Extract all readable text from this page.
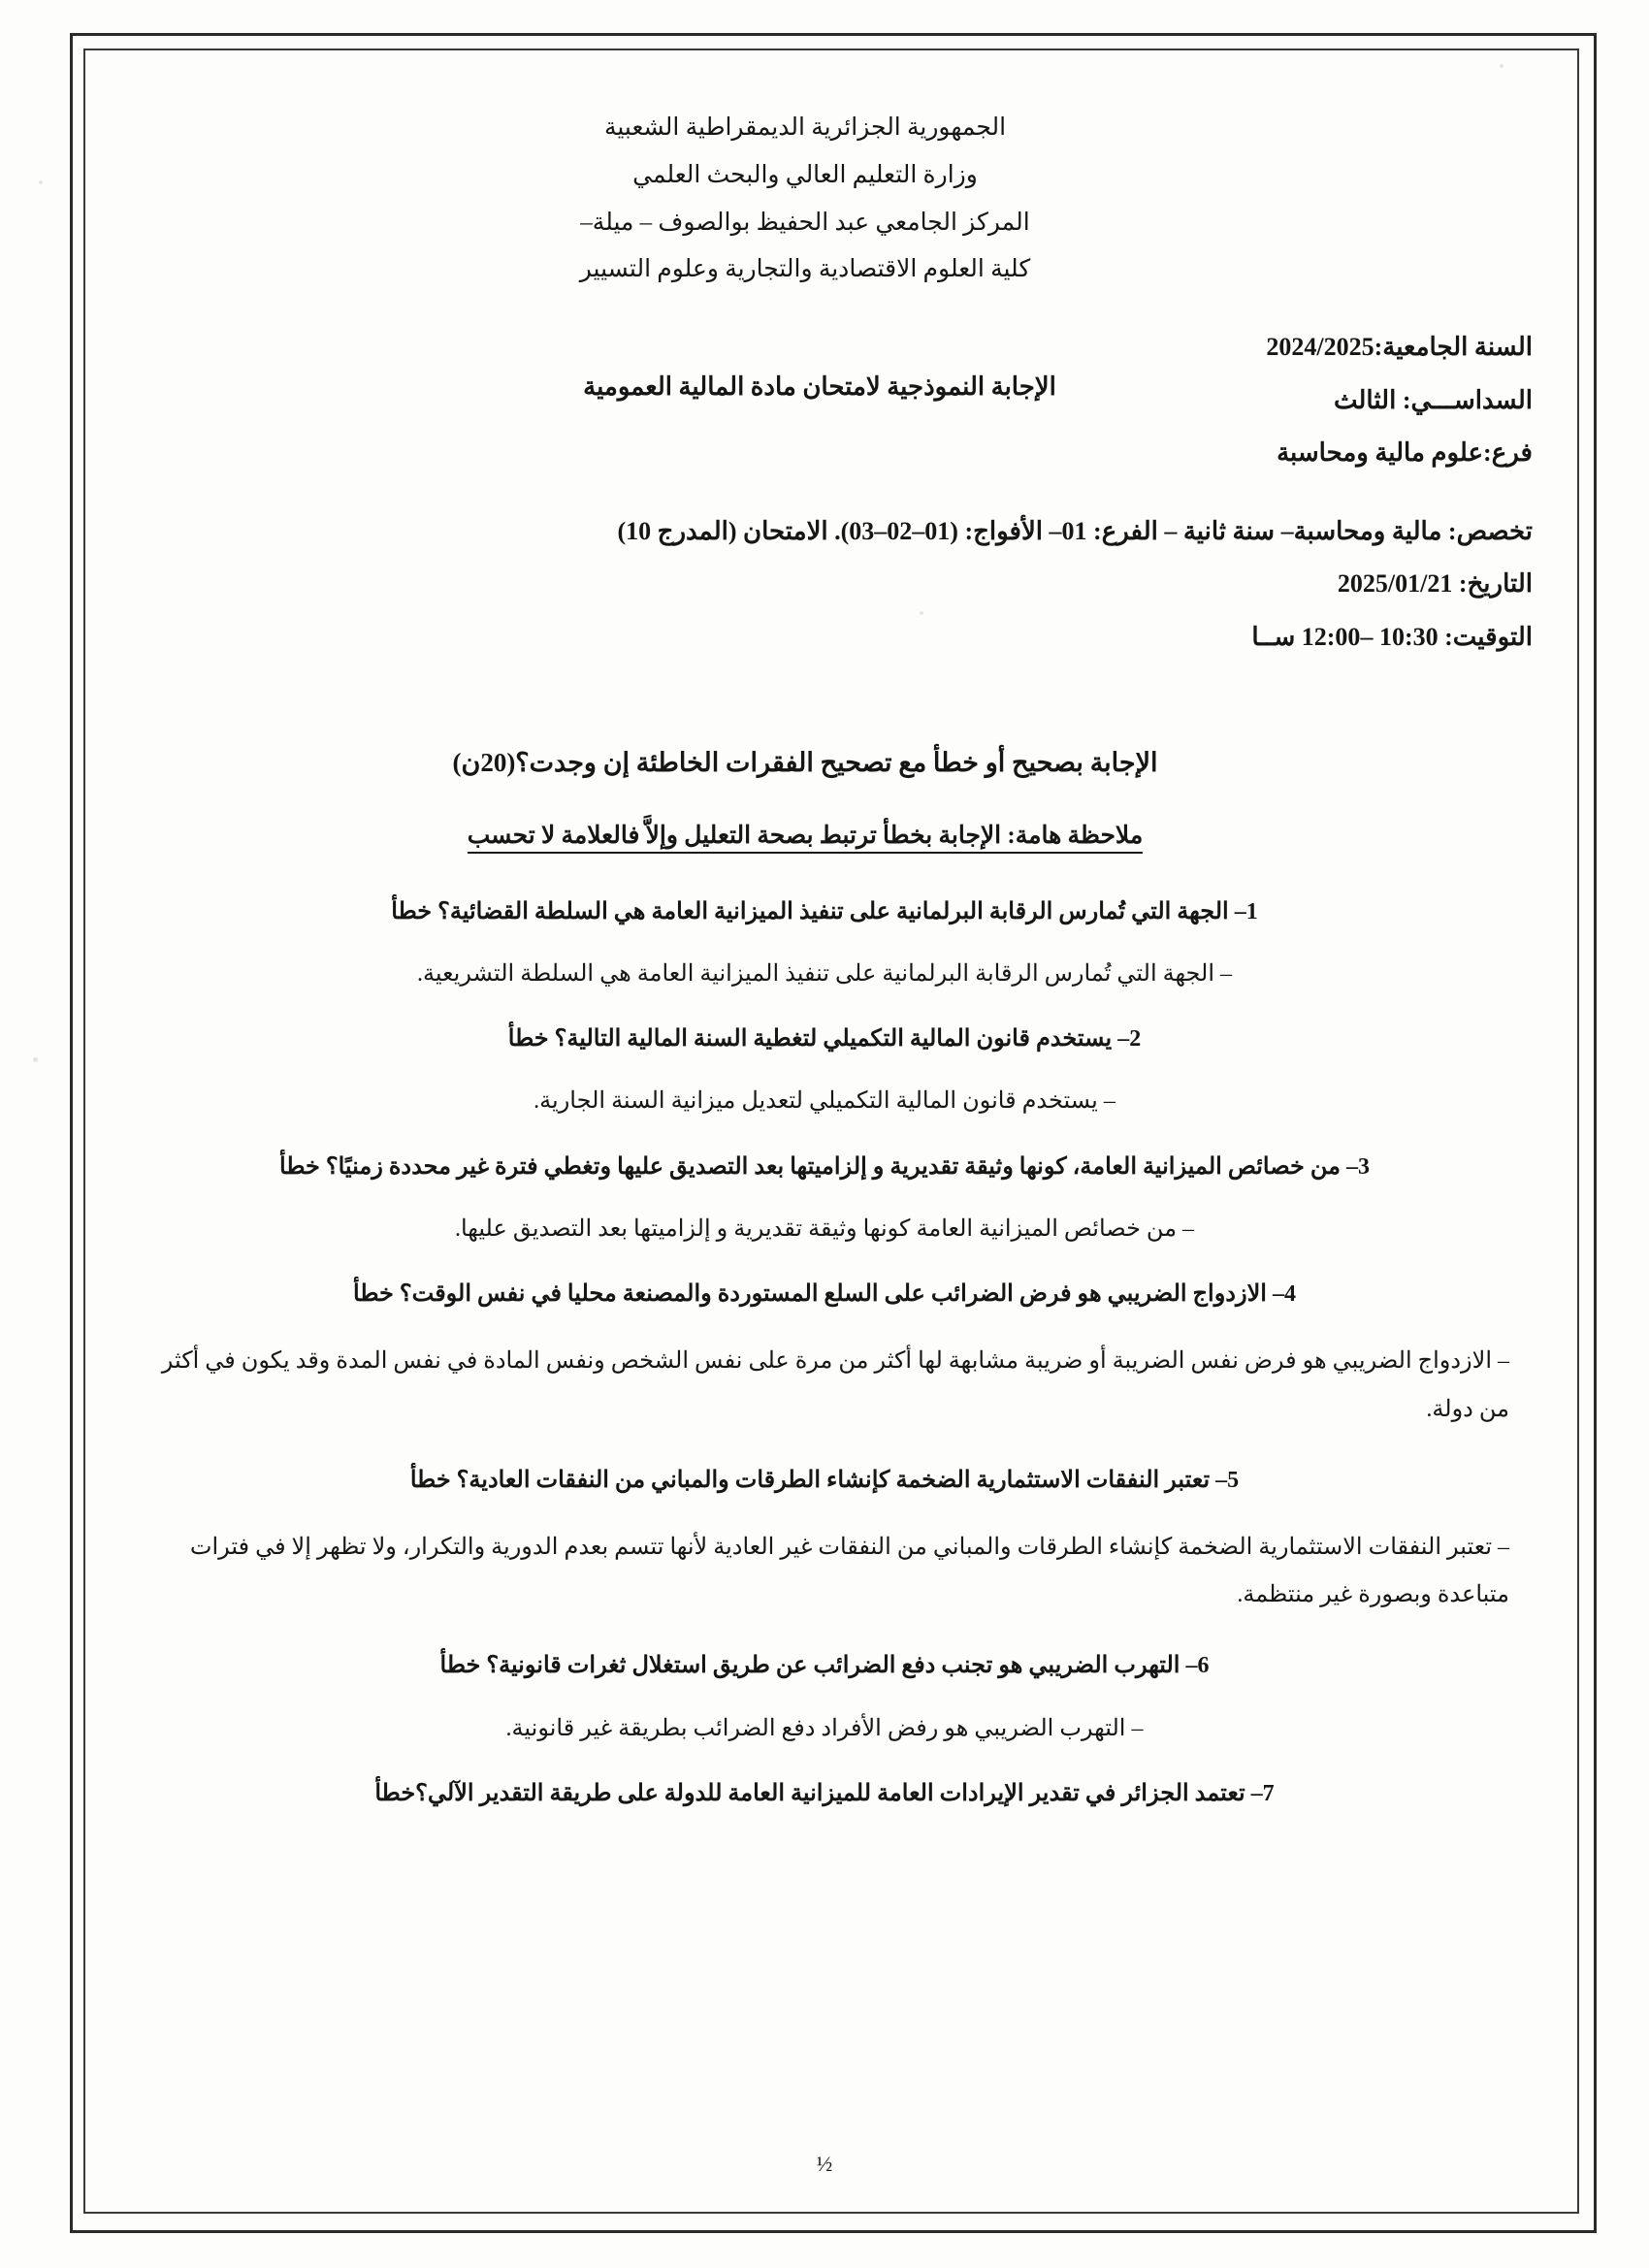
الجمهورية الجزائرية الديمقراطية الشعبية
وزارة التعليم العالي والبحث العلمي
المركز الجامعي عبد الحفيظ بوالصوف – ميلة–
كلية العلوم الاقتصادية والتجارية وعلوم التسيير
السنة الجامعية:2024/2025
السداســـي: الثالث
الإجابة النموذجية لامتحان مادة المالية العمومية
فرع:علوم مالية ومحاسبة
تخصص: مالية ومحاسبة– سنة ثانية – الفرع: 01– الأفواج: (01–02–03). الامتحان (المدرج 10)
التاريخ: 2025/01/21
التوقيت: 10:30 –12:00 ســا
الإجابة بصحيح أو خطأ مع تصحيح الفقرات الخاطئة إن وجدت؟(20ن)
ملاحظة هامة: الإجابة بخطأ ترتبط بصحة التعليل وإلاَّ فالعلامة لا تحسب
1– الجهة التي تُمارس الرقابة البرلمانية على تنفيذ الميزانية العامة هي السلطة القضائية؟ خطأ
– الجهة التي تُمارس الرقابة البرلمانية على تنفيذ الميزانية العامة هي السلطة التشريعية.
2– يستخدم قانون المالية التكميلي لتغطية السنة المالية التالية؟ خطأ
– يستخدم قانون المالية التكميلي لتعديل ميزانية السنة الجارية.
3– من خصائص الميزانية العامة، كونها وثيقة تقديرية و إلزاميتها بعد التصديق عليها وتغطي فترة غير محددة زمنيًا؟ خطأ
– من خصائص الميزانية العامة كونها وثيقة تقديرية و إلزاميتها بعد التصديق عليها.
4– الازدواج الضريبي هو فرض الضرائب على السلع المستوردة والمصنعة محليا في نفس الوقت؟ خطأ
– الازدواج الضريبي هو فرض نفس الضريبة أو ضريبة مشابهة لها أكثر من مرة على نفس الشخص ونفس المادة في نفس المدة وقد يكون في أكثر من دولة.
5– تعتبر النفقات الاستثمارية الضخمة كإنشاء الطرقات والمباني من النفقات العادية؟ خطأ
– تعتبر النفقات الاستثمارية الضخمة كإنشاء الطرقات والمباني من النفقات غير العادية لأنها تتسم بعدم الدورية والتكرار، ولا تظهر إلا في فترات متباعدة وبصورة غير منتظمة.
6– التهرب الضريبي هو تجنب دفع الضرائب عن طريق استغلال ثغرات قانونية؟ خطأ
– التهرب الضريبي هو رفض الأفراد دفع الضرائب بطريقة غير قانونية.
7– تعتمد الجزائر في تقدير الإيرادات العامة للميزانية العامة للدولة على طريقة التقدير الآلي؟خطأ
½
